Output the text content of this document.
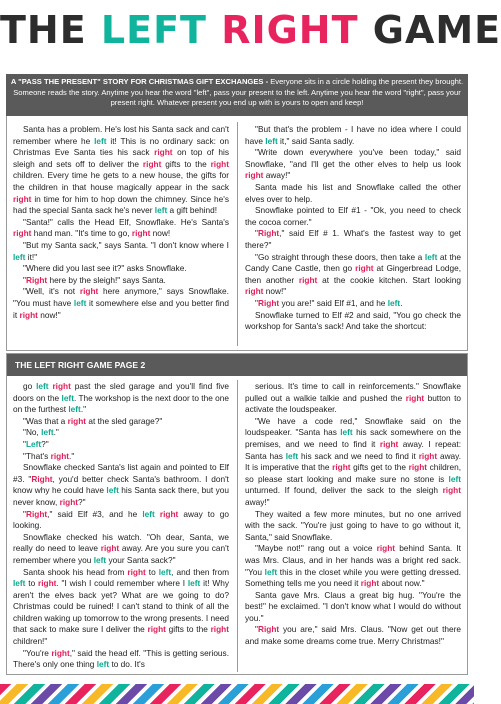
THE LEFT RIGHT GAME
A "PASS THE PRESENT" STORY FOR CHRISTMAS GIFT EXCHANGES - Everyone sits in a circle holding the present they brought. Someone reads the story. Anytime you hear the word "left", pass your present to the left. Anytime you hear the word "right", pass your present right. Whatever present you end up with is yours to open and keep!

Santa has a problem. He's lost his Santa sack and can't remember where he left it! This is no ordinary sack: on Christmas Eve Santa ties his sack right on top of his sleigh and sets off to deliver the right gifts to the right children. Every time he gets to a new house, the gifts for the children in that house magically appear in the sack right in time for him to hop down the chimney. Since he's had the special Santa sack he's never left a gift behind!

"Santa!" calls the Head Elf, Snowflake. He's Santa's right hand man. "It's time to go, right now!

"But my Santa sack," says Santa. "I don't know where I left it!"

"Where did you last see it?" asks Snowflake.

"Right here by the sleigh!" says Santa.

"Well, it's not right here anymore," says Snowflake. "You must have left it somewhere else and you better find it right now!"

"But that's the problem - I have no idea where I could have left it," said Santa sadly.

"Write down everywhere you've been today," said Snowflake, "and I'll get the other elves to help us look right away!"

Santa made his list and Snowflake called the other elves over to help.

Snowflake pointed to Elf #1 - "Ok, you need to check the cocoa corner."

"Right," said Elf # 1. What's the fastest way to get there?"

"Go straight through these doors, then take a left at the Candy Cane Castle, then go right at Gingerbread Lodge, then another right at the cookie kitchen. Start looking right now!"

"Right you are!" said Elf #1, and he left.

Snowflake turned to Elf #2 and said, "You go check the workshop for Santa's sack! And take the shortcut:

THE LEFT RIGHT GAME PAGE 2

go left right past the sled garage and you'll find five doors on the left. The workshop is the next door to the one on the furthest left."

"Was that a right at the sled garage?"

"No, left."

"Left?"

"That's right."

Snowflake checked Santa's list again and pointed to Elf #3. "Right, you'd better check Santa's bathroom. I don't know why he could have left his Santa sack there, but you never know, right?"

"Right," said Elf #3, and he left right away to go looking.

Snowflake checked his watch. "Oh dear, Santa, we really do need to leave right away. Are you sure you can't remember where you left your Santa sack?"

Santa shook his head from right to left, and then from left to right. "I wish I could remember where I left it! Why aren't the elves back yet? What are we going to do? Christmas could be ruined! I can't stand to think of all the children waking up tomorrow to the wrong presents. I need that sack to make sure I deliver the right gifts to the right children!"

"You're right," said the head elf. "This is getting serious. There's only one thing left to do. It's

serious. It's time to call in reinforcements." Snowflake pulled out a walkie talkie and pushed the right button to activate the loudspeaker.

"We have a code red," Snowflake said on the loudspeaker. "Santa has left his sack somewhere on the premises, and we need to find it right away. I repeat: Santa has left his sack and we need to find it right away. It is imperative that the right gifts get to the right children, so please start looking and make sure no stone is left unturned. If found, deliver the sack to the sleigh right away!"

They waited a few more minutes, but no one arrived with the sack. "You're just going to have to go without it, Santa," said Snowflake.

"Maybe not!" rang out a voice right behind Santa. It was Mrs. Claus, and in her hands was a bright red sack. "You left this in the closet while you were getting dressed. Something tells me you need it right about now."

Santa gave Mrs. Claus a great big hug. "You're the best!" he exclaimed. "I don't know what I would do without you."

"Right you are," said Mrs. Claus. "Now get out there and make some dreams come true. Merry Christmas!"
